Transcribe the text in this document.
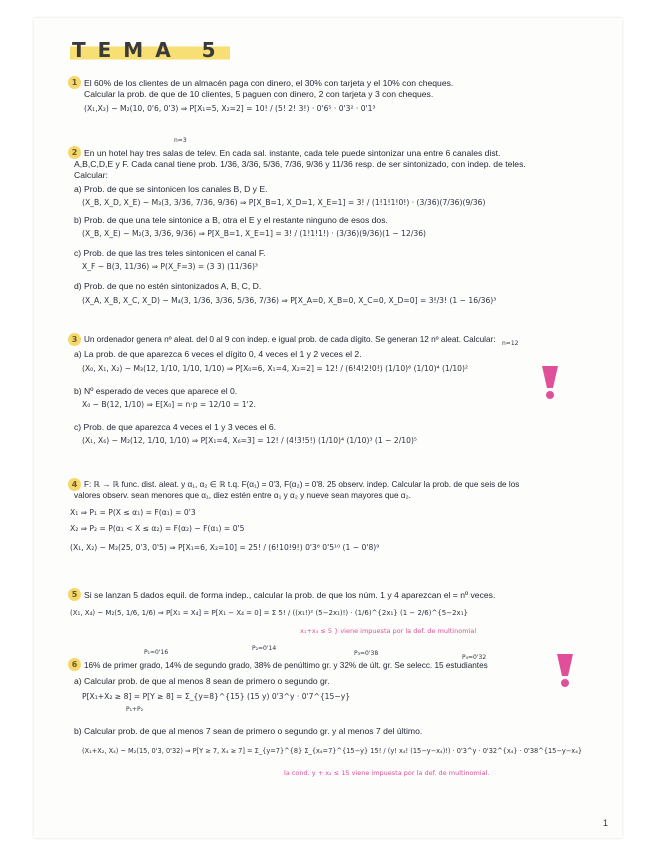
TEMA 5
1 El 60% de los clientes de un almacén paga con dinero, el 30% con tarjeta y el 10% con cheques.
Calcular la prob. de que de 10 clientes, 5 paguen con dinero, 2 con tarjeta y 3 con cheques.
(X₁,X₂) ~ M₂(10, 0'6, 0'3) ⇒ P[X₁=5, X₂=2] = 10! / (5! 2! 3!) · 0'6⁵ · 0'3² · 0'1³
n=3
2 En un hotel hay tres salas de telev. En cada sal. instante, cada tele puede sintonizar una entre 6 canales dist.
A,B,C,D,E y F. Cada canal tiene prob. 1/36, 3/36, 5/36, 7/36, 9/36 y 11/36 resp. de ser sintonizado, con indep. de teles.
Calcular:
a) Prob. de que se sintonicen los canales B, D y E.
(X_B, X_D, X_E) ~ M₃(3, 3/36, 7/36, 9/36) ⇒ P[X_B=1, X_D=1, X_E=1] = 3! / (1!1!1!0!) · (3/36)(7/36)(9/36)
b) Prob. de que una tele sintonice a B, otra el E y el restante ninguno de esos dos.
(X_B, X_E) ~ M₂(3, 3/36, 9/36) ⇒ P[X_B=1, X_E=1] = 3! / (1!1!1!) · (3/36)(9/36)(1 − 12/36)
c) Prob. de que las tres teles sintonicen el canal F.
X_F ~ B(3, 11/36) ⇒ P(X_F=3) = (3 3) (11/36)³
d) Prob. de que no estén sintonizados A, B, C, D.
(X_A, X_B, X_C, X_D) ~ M₄(3, 1/36, 3/36, 5/36, 7/36) ⇒ P[X_A=0, X_B=0, X_C=0, X_D=0] = 3!/3! (1 − 16/36)³
n=12
3 Un ordenador genera nº aleat. del 0 al 9 con indep. e igual prob. de cada dígito. Se generan 12 nº aleat. Calcular:
a) La prob. de que aparezca 6 veces el dígito 0, 4 veces el 1 y 2 veces el 2.
(X₀, X₁, X₂) ~ M₃(12, 1/10, 1/10, 1/10) ⇒ P[X₀=6, X₁=4, X₂=2] = 12! / (6!4!2!0!) (1/10)⁶ (1/10)⁴ (1/10)²
b) Nº esperado de veces que aparece el 0.
X₀ ~ B(12, 1/10) ⇒ E[X₀] = n·p = 12/10 = 1'2.
c) Prob. de que aparezca 4 veces el 1 y 3 veces el 6.
(X₁, X₆) ~ M₂(12, 1/10, 1/10) ⇒ P[X₁=4, X₆=3] = 12! / (4!3!5!) (1/10)⁴ (1/10)³ (1 − 2/10)⁵
4 F: ℝ → ℝ func. dist. aleat. y α₁, α₂ ∈ ℝ t.q. F(α₁) = 0'3, F(α₂) = 0'8. 25 observ. indep. Calcular la prob. de que seis de los
valores observ. sean menores que α₁, diez estén entre α₁ y α₂ y nueve sean mayores que α₂.
X₁ ⇒ P₁ = P(X ≤ α₁) = F(α₁) = 0'3
X₂ ⇒ P₂ = P(α₁ < X ≤ α₂) = F(α₂) − F(α₁) = 0'5
(X₁, X₂) ~ M₂(25, 0'3, 0'5) ⇒ P[X₁=6, X₂=10] = 25! / (6!10!9!) 0'3⁶ 0'5¹⁰ (1 − 0'8)⁹
5 Si se lanzan 5 dados equil. de forma indep., calcular la prob. de que los núm. 1 y 4 aparezcan el = nº veces.
(X₁, X₄) ~ M₂(5, 1/6, 1/6) ⇒ P[X₁ = X₄] = P[X₁ − X₄ = 0] = Σ 5! / ((x₁!)² (5−2x₁)!) · (1/6)^{2x₁} (1 − 2/6)^{5−2x₁}
x₁+x₄ ≤ 5 } viene impuesta por la def. de multinomial
P₁=0'16
P₂=0'14
P₃=0'38
P₄=0'32
6 16% de primer grado, 14% de segundo grado, 38% de penúltimo gr. y 32% de últ. gr. Se selecc. 15 estudiantes
a) Calcular prob. de que al menos 8 sean de primero o segundo gr.
P[X₁+X₂ ≥ 8] = P[Y ≥ 8] = Σ_{y=8}^{15} (15 y) 0'3^y · 0'7^{15−y}
P₁+P₂
b) Calcular prob. de que al menos 7 sean de primero o segundo gr. y al menos 7 del último.
(X₁+X₂, X₄) ~ M₂(15, 0'3, 0'32) ⇒ P[Y ≥ 7, X₄ ≥ 7] = Σ_{y=7}^{8} Σ_{x₄=7}^{15−y} 15! / (y! x₄! (15−y−x₄)!) · 0'3^y · 0'32^{x₄} · 0'38^{15−y−x₄}
la cond. y + x₄ ≤ 15 viene impuesta por la def. de multinomial.
1
